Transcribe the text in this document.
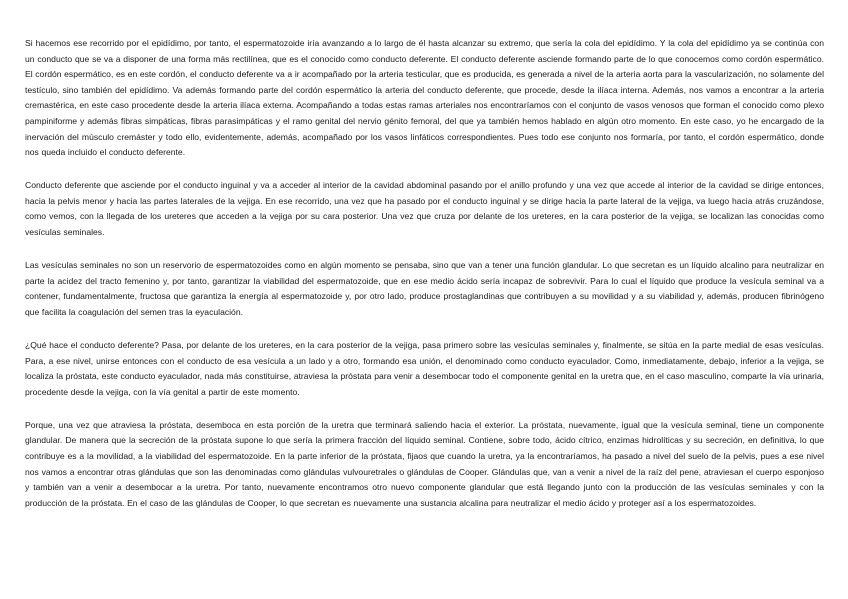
Si hacemos ese recorrido por el epidídimo, por tanto, el espermatozoide iría avanzando a lo largo de él hasta alcanzar su extremo, que sería la cola del epidídimo. Y la cola del epidídimo ya se continúa con un conducto que se va a disponer de una forma más rectilínea, que es el conocido como conducto deferente. El conducto deferente asciende formando parte de lo que conocemos como cordón espermático. El cordón espermático, es en este cordón, el conducto deferente va a ir acompañado por la arteria testicular, que es producida, es generada a nivel de la arteria aorta para la vascularización, no solamente del testículo, sino también del epidídimo. Va además formando parte del cordón espermático la arteria del conducto deferente, que procede, desde la ilíaca interna. Además, nos vamos a encontrar a la arteria cremastérica, en este caso procedente desde la arteria ilíaca externa. Acompañando a todas estas ramas arteriales nos encontraríamos con el conjunto de vasos venosos que forman el conocido como plexo pampiniforme y además fibras simpáticas, fibras parasimpáticas y el ramo genital del nervio génito femoral, del que ya también hemos hablado en algún otro momento. En este caso, yo he encargado de la inervación del músculo cremáster y todo ello, evidentemente, además, acompañado por los vasos linfáticos correspondientes. Pues todo ese conjunto nos formaría, por tanto, el cordón espermático, donde nos queda incluido el conducto deferente.

Conducto deferente que asciende por el conducto inguinal y va a acceder al interior de la cavidad abdominal pasando por el anillo profundo y una vez que accede al interior de la cavidad se dirige entonces, hacia la pelvis menor y hacia las partes laterales de la vejiga. En ese recorrido, una vez que ha pasado por el conducto inguinal y se dirige hacia la parte lateral de la vejiga, va luego hacia atrás cruzándose, como vemos, con la llegada de los ureteres que acceden a la vejiga por su cara posterior. Una vez que cruza por delante de los ureteres, en la cara posterior de la vejiga, se localizan las conocidas como vesículas seminales.

Las vesículas seminales no son un reservorio de espermatozoides como en algún momento se pensaba, sino que van a tener una función glandular. Lo que secretan es un líquido alcalino para neutralizar en parte la acidez del tracto femenino y, por tanto, garantizar la viabilidad del espermatozoide, que en ese medio ácido sería incapaz de sobrevivir. Para lo cual el líquido que produce la vesícula seminal va a contener, fundamentalmente, fructosa que garantiza la energía al espermatozoide y, por otro lado, produce prostaglandinas que contribuyen a su movilidad y a su viabilidad y, además, producen fibrinógeno que facilita la coagulación del semen tras la eyaculación.

¿Qué hace el conducto deferente? Pasa, por delante de los ureteres, en la cara posterior de la vejiga, pasa primero sobre las vesículas seminales y, finalmente, se sitúa en la parte medial de esas vesículas. Para, a ese nivel, unirse entonces con el conducto de esa vesícula a un lado y a otro, formando esa unión, el denominado como conducto eyaculador. Como, inmediatamente, debajo, inferior a la vejiga, se localiza la próstata, este conducto eyaculador, nada más constituirse, atraviesa la próstata para venir a desembocar todo el componente genital en la uretra que, en el caso masculino, comparte la vía urinaria, procedente desde la vejiga, con la vía genital a partir de este momento.

Porque, una vez que atraviesa la próstata, desemboca en esta porción de la uretra que terminará saliendo hacia el exterior. La próstata, nuevamente, igual que la vesícula seminal, tiene un componente glandular. De manera que la secreción de la próstata supone lo que sería la primera fracción del líquido seminal. Contiene, sobre todo, ácido cítrico, enzimas hidrolíticas y su secreción, en definitiva, lo que contribuye es a la movilidad, a la viabilidad del espermatozoide. En la parte inferior de la próstata, fijaos que cuando la uretra, ya la encontraríamos, ha pasado a nivel del suelo de la pelvis, pues a ese nivel nos vamos a encontrar otras glándulas que son las denominadas como glándulas vulvouretrales o glándulas de Cooper. Glándulas que, van a venir a nivel de la raíz del pene, atraviesan el cuerpo esponjoso y también van a venir a desembocar a la uretra. Por tanto, nuevamente encontramos otro nuevo componente glandular que está llegando junto con la producción de las vesículas seminales y con la producción de la próstata. En el caso de las glándulas de Cooper, lo que secretan es nuevamente una sustancia alcalina para neutralizar el medio ácido y proteger así a los espermatozoides.
